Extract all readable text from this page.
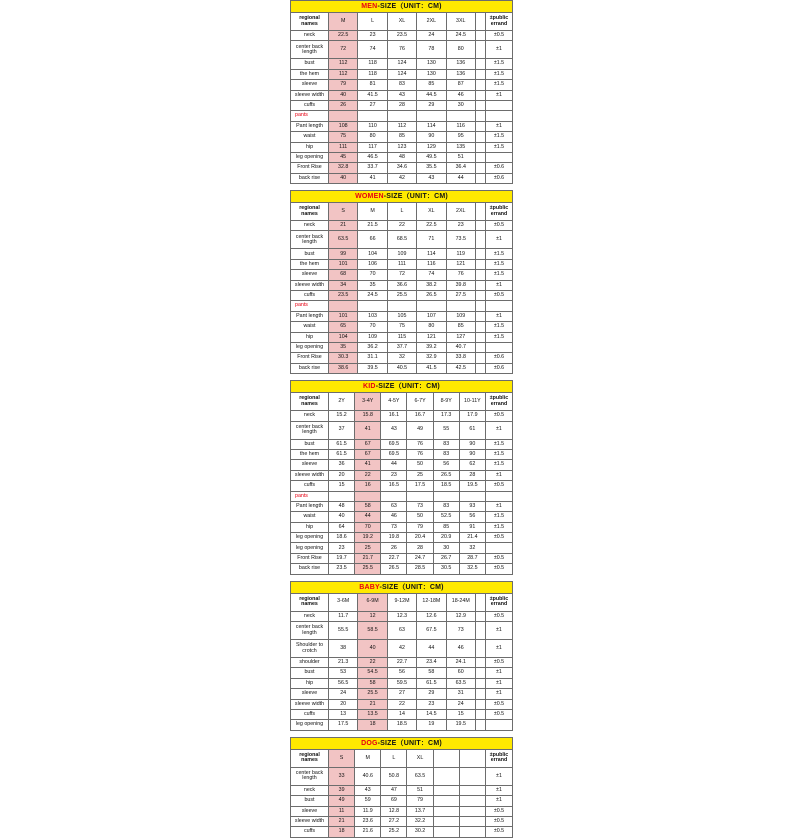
MEN-SIZE（UNIT：CM)							
regional names	M	L	XL	2XL	3XL		±public errand
neck	22.5	23	23.5	24	24.5		±0.5
center back length	72	74	76	78	80		±1
bust	112	118	124	130	136		±1.5
the hem	112	118	124	130	136		±1.5
sleeve	79	81	83	85	87		±1.5
sleeve width	40	41.5	43	44.5	46		±1
cuffs	26	27	28	29	30		
pants							
Pant length	108	110	112	114	116		±1
waist	75	80	85	90	95		±1.5
hip	111	117	123	129	135		±1.5
leg opening	45	46.5	48	49.5	51		
Front Rise	32.8	33.7	34.6	35.5	36.4		±0.6
back rise	40	41	42	43	44		±0.6
WOMEN-SIZE（UNIT：CM)							
regional names	S	M	L	XL	2XL		±public errand
neck	21	21.5	22	22.5	23		±0.5
center back length	63.5	66	68.5	71	73.5		±1
bust	99	104	109	114	119		±1.5
the hem	101	106	111	116	121		±1.5
sleeve	68	70	72	74	76		±1.5
sleeve width	34	35	36.6	38.2	39.8		±1
cuffs	23.5	24.5	25.5	26.5	27.5		±0.5
pants							
Pant length	101	103	105	107	109		±1
waist	65	70	75	80	85		±1.5
hip	104	109	115	121	127		±1.5
leg opening	35	36.2	37.7	39.2	40.7		
Front Rise	30.3	31.1	32	32.9	33.8		±0.6
back rise	38.6	39.5	40.5	41.5	42.5		±0.6
KID-SIZE（UNIT：CM)							
regional names	2Y	3-4Y	4-5Y	6-7Y	8-9Y	10-11Y	±public errand
neck	15.2	15.8	16.1	16.7	17.3	17.9	±0.5
center back length	37	41	43	49	55	61	±1
bust	61.5	67	69.5	76	83	90	±1.5
the hem	61.5	67	69.5	76	83	90	±1.5
sleeve	36	41	44	50	56	62	±1.5
sleeve width	20	22	23	25	26.5	28	±1
cuffs	15	16	16.5	17.5	18.5	19.5	±0.5
pants							
Pant length	48	58	63	73	83	93	±1
waist	40	44	46	50	52.5	56	±1.5
hip	64	70	73	79	85	91	±1.5
leg opening	18.6	19.2	19.8	20.4	20.9	21.4	±0.5
leg opening	23	25	26	28	30	32	
Front Rise	19.7	21.7	22.7	24.7	26.7	28.7	±0.5
back rise	23.5	25.5	26.5	28.5	30.5	32.5	±0.5
BABY-SIZE（UNIT：CM)							
regional names	3-6M	6-9M	9-12M	12-18M	18-24M		±public errand
neck	11.7	12	12.3	12.6	12.9		±0.5
center back length	55.5	58.5	63	67.5	73		±1
Shoulder to crotch	38	40	42	44	46		±1
shoulder	21.3	22	22.7	23.4	24.1		±0.5
bust	53	54.5	56	58	60		±1
hip	56.5	58	59.5	61.5	63.5		±1
sleeve	24	25.5	27	29	31		±1
sleeve width	20	21	22	23	24		±0.5
cuffs	13	13.5	14	14.5	15		±0.5
leg opening	17.5	18	18.5	19	19.5		
DOG-SIZE（UNIT：CM)							
regional names	S	M	L	XL			±public errand
center back length	33	40.6	50.8	63.5			±1
neck	39	43	47	51			±1
bust	49	59	69	79			±1
sleeve	11	11.9	12.8	13.7			±0.5
sleeve width	21	23.6	27.2	32.2			±0.5
cuffs	18	21.6	25.2	30.2			±0.5
